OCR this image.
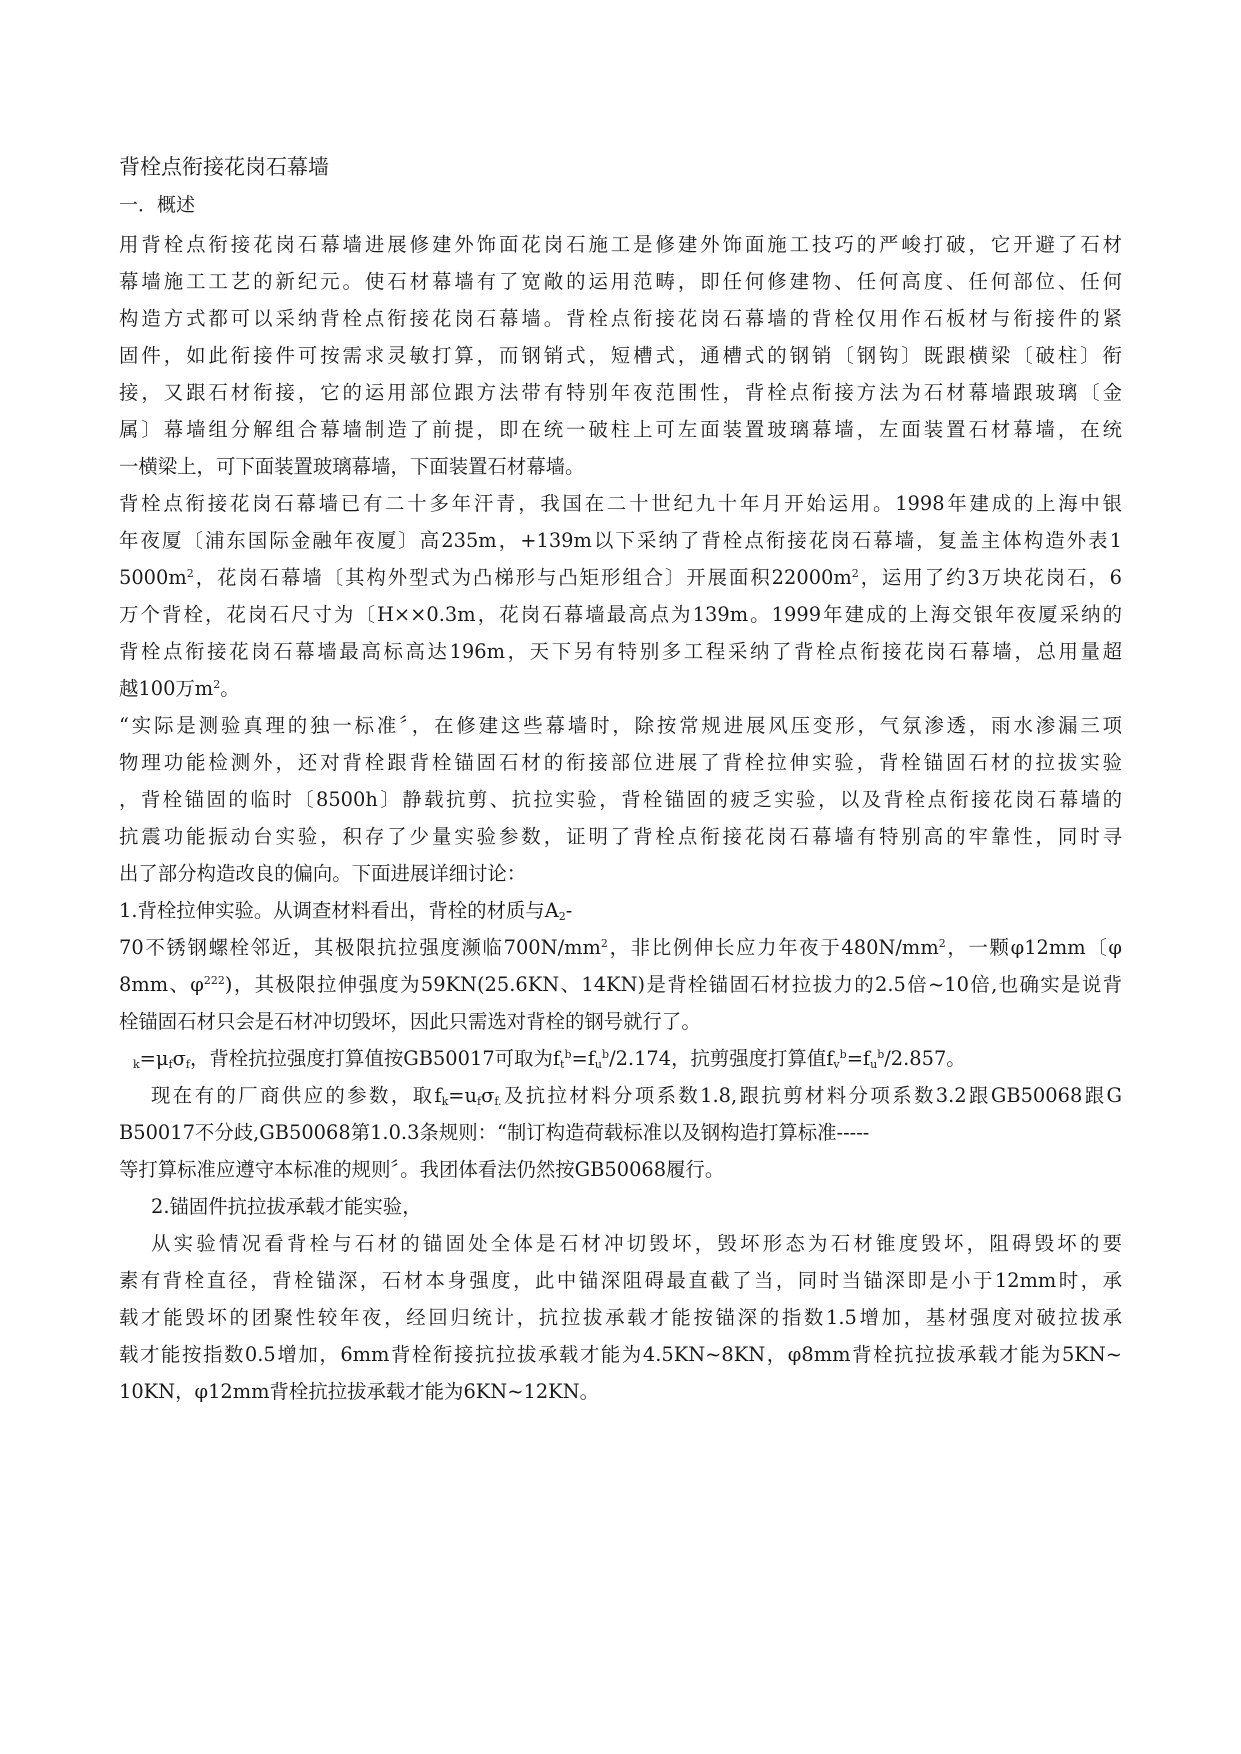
背栓点衔接花岗石幕墙
一．概述
用背栓点衔接花岗石幕墙进展修建外饰面花岗石施工是修建外饰面施工技巧的严峻打破，它开避了石材
幕墙施工工艺的新纪元。使石材幕墙有了宽敞的运用范畴，即任何修建物、任何高度、任何部位、任何
构造方式都可以采纳背栓点衔接花岗石幕墙。背栓点衔接花岗石幕墙的背栓仅用作石板材与衔接件的紧
固件，如此衔接件可按需求灵敏打算，而钢销式，短槽式，通槽式的钢销〔钢钩〕既跟横梁〔破柱〕衔
接，又跟石材衔接，它的运用部位跟方法带有特别年夜范围性，背栓点衔接方法为石材幕墙跟玻璃〔金
属〕幕墙组分解组合幕墙制造了前提，即在统一破柱上可左面装置玻璃幕墙，左面装置石材幕墙，在统
一横梁上，可下面装置玻璃幕墙，下面装置石材幕墙。
背栓点衔接花岗石幕墙已有二十多年汗青，我国在二十世纪九十年月开始运用。1998年建成的上海中银
年夜厦〔浦东国际金融年夜厦〕高235m，+139m以下采纳了背栓点衔接花岗石幕墙，复盖主体构造外表1
$5000m^2$，花岗石幕墙〔其构外型式为凸梯形与凸矩形组合〕开展面积$22000m^2$，运用了约3万块花岗石，6
万个背栓，花岗石尺寸为〔H××0.3m，花岗石幕墙最高点为139m。1999年建成的上海交银年夜厦采纳的
背栓点衔接花岗石幕墙最高标高达196m，天下另有特别多工程采纳了背栓点衔接花岗石幕墙，总用量超
越100万$m^2$。
“实际是测验真理的独一标准〞，在修建这些幕墙时，除按常规进展风压变形，气氛渗透，雨水渗漏三项
物理功能检测外，还对背栓跟背栓锚固石材的衔接部位进展了背栓拉伸实验，背栓锚固石材的拉拔实验
，背栓锚固的临时〔8500h〕静载抗剪、抗拉实验，背栓锚固的疲乏实验，以及背栓点衔接花岗石幕墙的
抗震功能振动台实验，积存了少量实验参数，证明了背栓点衔接花岗石幕墙有特别高的牢靠性，同时寻
出了部分构造改良的偏向。下面进展详细讨论：
1.背栓拉伸实验。从调查材料看出，背栓的材质与$A_2-$
70不锈钢螺栓邻近，其极限抗拉强度濒临$700N/mm^2$，非比例伸长应力年夜于$480N/mm^2$，一颗φ12mm〔φ
8mm、$\varphi^{222}$)，其极限拉伸强度为59KN(25.6KN、14KN)是背栓锚固石材拉拔力的2.5倍~10倍,也确实是说背
栓锚固石材只会是石材冲切毁坏，因此只需选对背栓的钢号就行了。
$_k=\mu_f\sigma_f$，背栓抗拉强度打算值按GB50017可取为$f_t^b=f_u^b/2.174$，抗剪强度打算值$f_v^b=f_u^b/2.857$。
现在有的厂商供应的参数，取$f_k=u_f\sigma_{f.}$及抗拉材料分项系数1.8,跟抗剪材料分项系数3.2跟GB50068跟G
B50017不分歧,GB50068第1.0.3条规则：“制订构造荷载标准以及钢构造打算标准-----
等打算标准应遵守本标准的规则〞。我团体看法仍然按GB50068履行。
2.锚固件抗拉拔承载才能实验，
从实验情况看背栓与石材的锚固处全体是石材冲切毁坏，毁坏形态为石材锥度毁坏，阻碍毁坏的要
素有背栓直径，背栓锚深，石材本身强度，此中锚深阻碍最直截了当，同时当锚深即是小于12mm时，承
载才能毁坏的团聚性较年夜，经回归统计，抗拉拔承载才能按锚深的指数1.5增加，基材强度对破拉拔承
载才能按指数0.5增加，6mm背栓衔接抗拉拔承载才能为4.5KN~8KN，φ8mm背栓抗拉拔承载才能为5KN~
10KN，φ12mm背栓抗拉拔承载才能为6KN~12KN。
